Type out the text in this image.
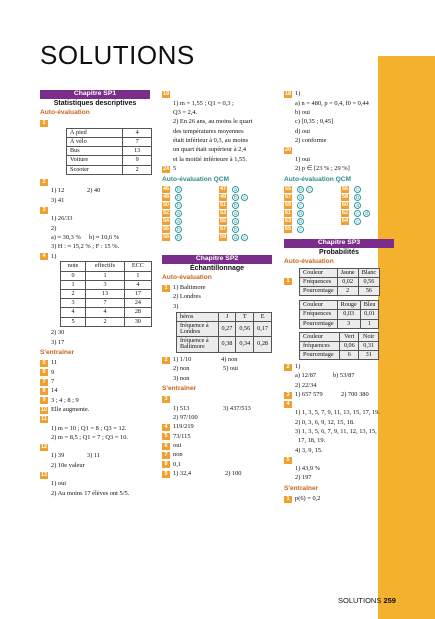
SOLUTIONS
Chapitre SP1
Statistiques descriptives
Auto-évaluation
1
À pied	4
À vélo	7
Bus	13
Voiture	9
Scooter	2
2
1) 12	2) 40
3) 41
3
1) 26/33
2)
a) ≈ 30,3 %	b) ≈ 10,6 %
3) H : ≈ 15,2 % ; F : 15 %.
4 1)
note	effectifs	ECC
0	1	1
1	3	4
2	13	17
3	7	24
4	4	28
5	2	30
2) 30
3) 17
S'entraîner
5 11
6 9
7 7
8 14
9 3 ; 4 ; 8 ; 9
10 Elle augmente.
11
1) m = 10 ; Q1 = 8 ; Q3 = 12.
2) m = 8,5 ; Q1 = 7 ; Q3 = 10.
12
1) 39	3) 11
2) 10e valeur
13
1) oui
2) Au moins 17 élèves ont 5/5.
19
1) m = 1,55 ; Q1 = 0,3 ;
Q3 = 2,4.
2) En 26 ans, au moins le quart
des températures moyennes
était inférieur à 0,3, au moins
un quart était supérieur à 2,4
et la moitié inférieure à 1,55.
24 5
Auto-évaluation QCM
46	b	47	a
48	b	49	b	c
50	b	51	b
52	a	53	a
54	a	55	a
56	b	57	b
58	b	59	a	c
Chapitre SP2
Échantillonnage
Auto-évaluation
1 1) Baltimore
2) Londres
3)
héros	J	T	E
fréquence à Londres	0,27	0,56	0,17
fréquence à Baltimore	0,38	0,34	0,28
2 1) 1/10	4) non
2) non	5) oui
3) non
S'entraîner
3
1) 513	3) 437/513
2) 97/100
4 119/219
5 73/115
6 oui
7 non
8 0,1
9 1) 32,4	2) 100
18 1)
a) n = 480, p = 0,4, f0 = 0,44
b) oui
c) [0,35 ; 0,45]
d) oui
2) conforme
20
1) oui
2) p ∈ [23 % ; 29 %]
Auto-évaluation QCM
55	b	c	56	c
57	a	58	b
59	c	60	a
61	b	62	c	d
63	b	64	c
65	c
Chapitre SP3
Probabilités
Auto-évaluation
1
Couleur	Jaune	Blanc
Fréquences	0,02	0,56
Pourcentage	2	56
Couleur	Rouge	Bleu
Fréquences	0,03	0,01
Pourcentage	3	1
Couleur	Vert	Noir
fréquences	0,06	0,31
Pourcentage	6	31
2 1)
a) 12/87	b) 53/87
2) 22/34
3 1) 657 579	2) 700 380
4
1) 1, 3, 5, 7, 9, 11, 13, 15, 17, 19.
2) 0, 3, 6, 9, 12, 15, 18.
3) 1, 3, 5, 6, 7, 9, 11, 12, 13, 15,
17, 18, 19.
4) 3, 9, 15.
5
1) 43,9 %
2) 197
S'entraîner
1 p(6) = 0,2
SOLUTIONS 259
